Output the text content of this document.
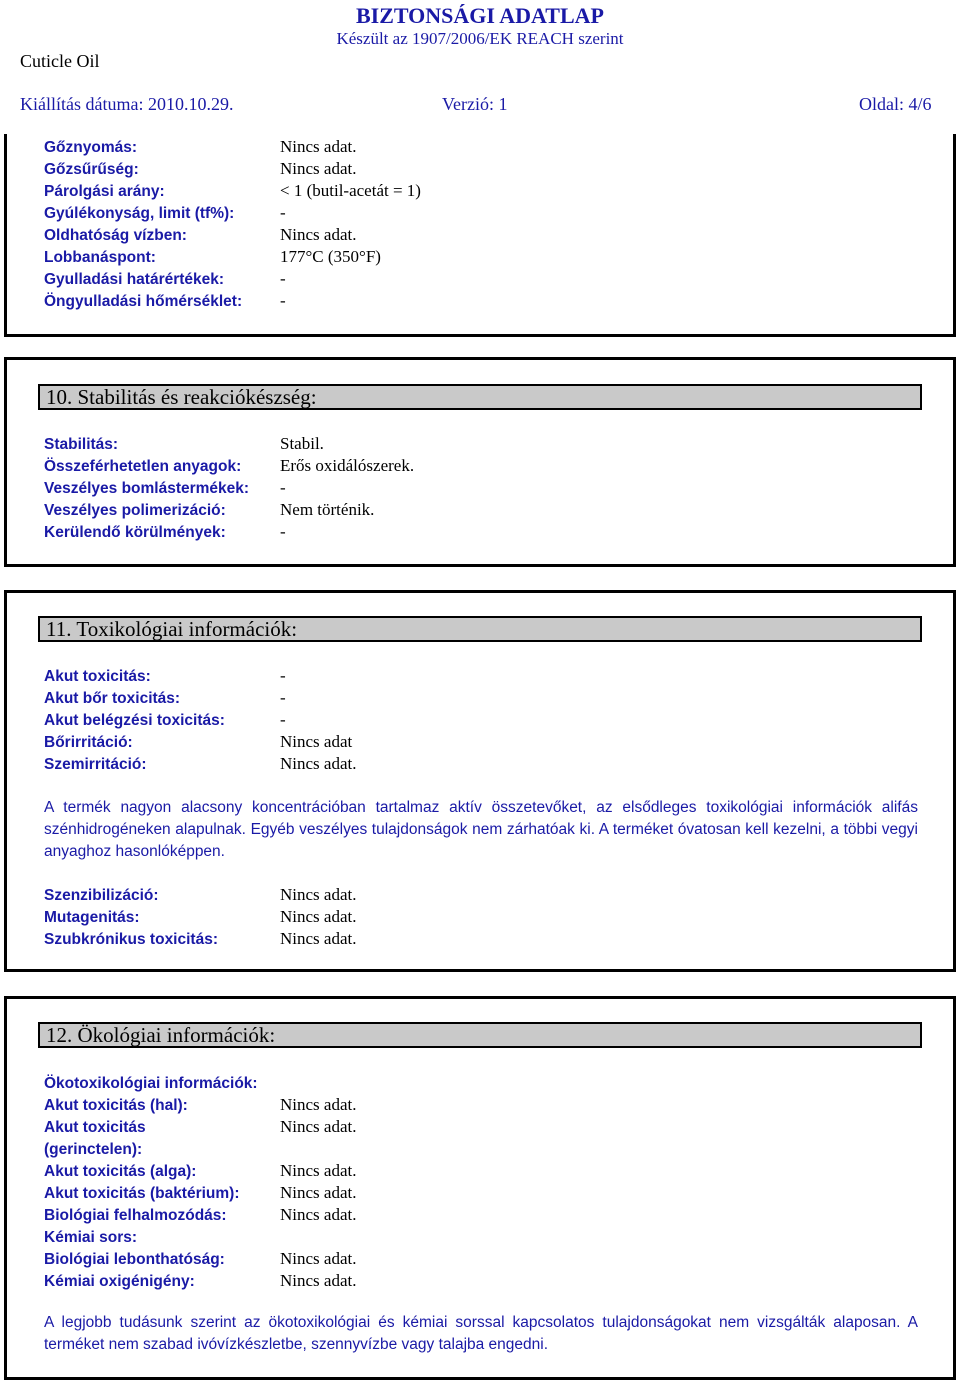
BIZTONSÁGI ADATLAP
Készült az 1907/2006/EK REACH szerint
Cuticle Oil
Kiállítás dátuma: 2010.10.29.	Verzió: 1	Oldal: 4/6
Gőznyomás:	Nincs adat.
Gőzsűrűség:	Nincs adat.
Párolgási arány:	< 1 (butil-acetát = 1)
Gyúlékonyság, limit (tf%):	-
Oldhatóság vízben:	Nincs adat.
Lobbanáspont:	177°C (350°F)
Gyulladási határértékek:	-
Öngyulladási hőmérséklet: -
10. Stabilitás és reakciókészség:
Stabilitás:	Stabil.
Összeférhetetlen anyagok: Erős oxidálószerek.
Veszélyes bomlástermékek: -
Veszélyes polimerizáció:	Nem történik.
Kerülendő körülmények:	-
11. Toxikológiai információk:
Akut toxicitás:	-
Akut bőr toxicitás:	-
Akut belégzési toxicitás:	-
Bőrirritáció:	Nincs adat
Szemirritáció:	Nincs adat.
A termék nagyon alacsony koncentrációban tartalmaz aktív összetevőket, az elsődleges toxikológiai információk alifás szénhidrogéneken alapulnak. Egyéb veszélyes tulajdonságok nem zárhatóak ki. A terméket óvatosan kell kezelni, a többi vegyi anyaghoz hasonlóképpen.
Szenzibilizáció:	Nincs adat.
Mutagenitás:	Nincs adat.
Szubkrónikus toxicitás:	Nincs adat.
12. Ökológiai információk:
Ökotoxikológiai információk:
Akut toxicitás (hal):	Nincs adat.
Akut toxicitás	Nincs adat.
(gerinctelen):
Akut toxicitás (alga):	Nincs adat.
Akut toxicitás (baktérium): Nincs adat.
Biológiai felhalmozódás:	Nincs adat.
Kémiai sors:
Biológiai lebonthatóság:	Nincs adat.
Kémiai oxigénigény:	Nincs adat.
A legjobb tudásunk szerint az ökotoxikológiai és kémiai sorssal kapcsolatos tulajdonságokat nem vizsgálták alaposan. A terméket nem szabad ivóvízkészletbe, szennyvízbe vagy talajba engedni.
